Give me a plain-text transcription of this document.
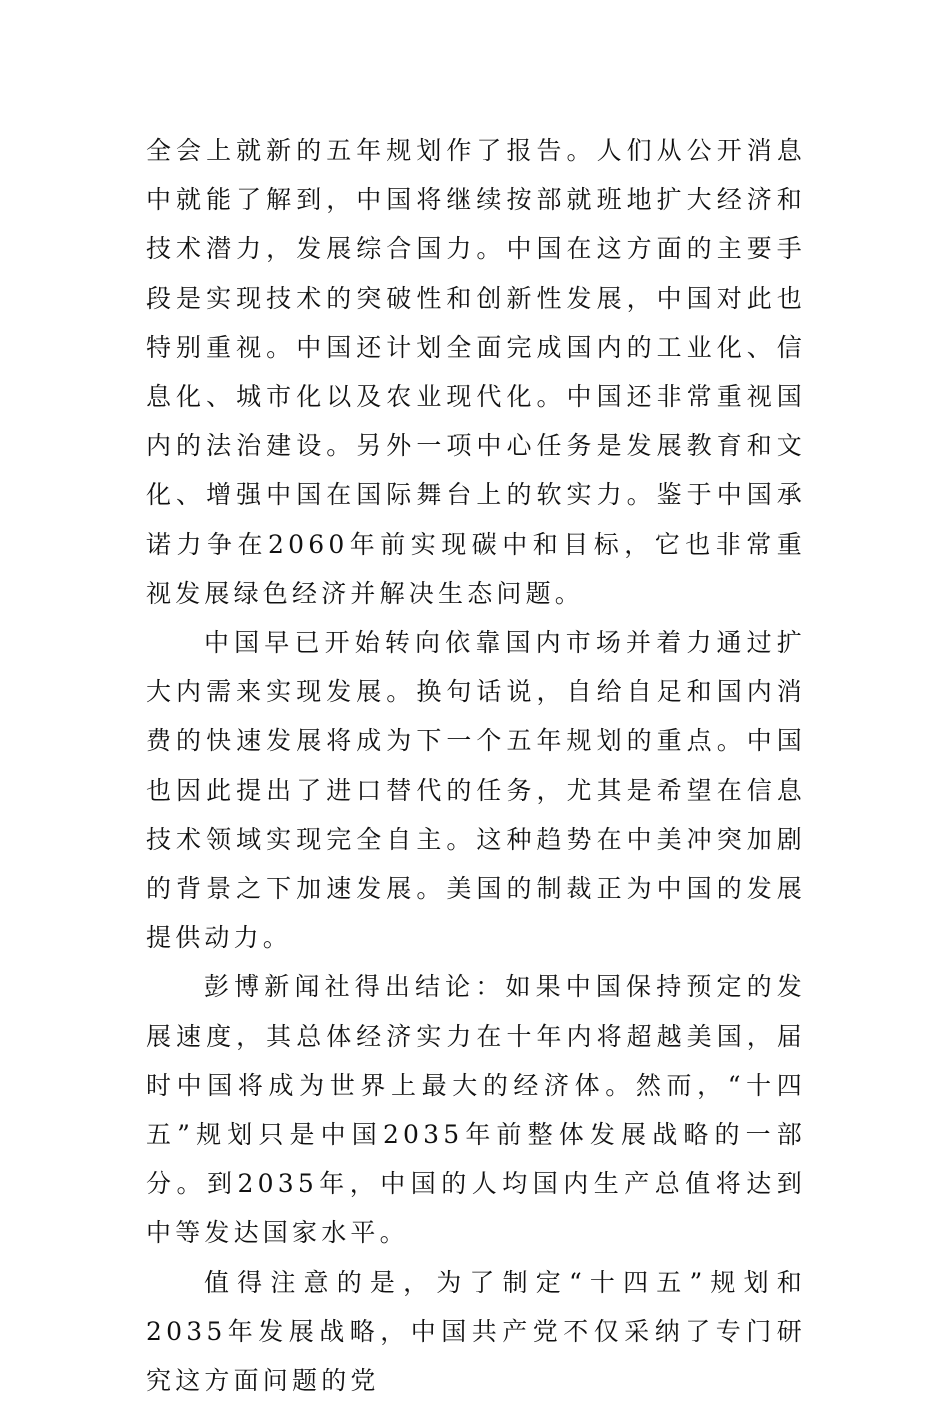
全会上就新的五年规划作了报告。人们从公开消息中就能了解到，中国将继续按部就班地扩大经济和技术潜力，发展综合国力。中国在这方面的主要手段是实现技术的突破性和创新性发展，中国对此也特别重视。中国还计划全面完成国内的工业化、信息化、城市化以及农业现代化。中国还非常重视国内的法治建设。另外一项中心任务是发展教育和文化、增强中国在国际舞台上的软实力。鉴于中国承诺力争在2060年前实现碳中和目标，它也非常重视发展绿色经济并解决生态问题。

中国早已开始转向依靠国内市场并着力通过扩大内需来实现发展。换句话说，自给自足和国内消费的快速发展将成为下一个五年规划的重点。中国也因此提出了进口替代的任务，尤其是希望在信息技术领域实现完全自主。这种趋势在中美冲突加剧的背景之下加速发展。美国的制裁正为中国的发展提供动力。

彭博新闻社得出结论：如果中国保持预定的发展速度，其总体经济实力在十年内将超越美国，届时中国将成为世界上最大的经济体。然而，“十四五”规划只是中国2035年前整体发展战略的一部分。到2035年，中国的人均国内生产总值将达到中等发达国家水平。

值得注意的是，为了制定“十四五”规划和2035年发展战略，中国共产党不仅采纳了专门研究这方面问题的党
